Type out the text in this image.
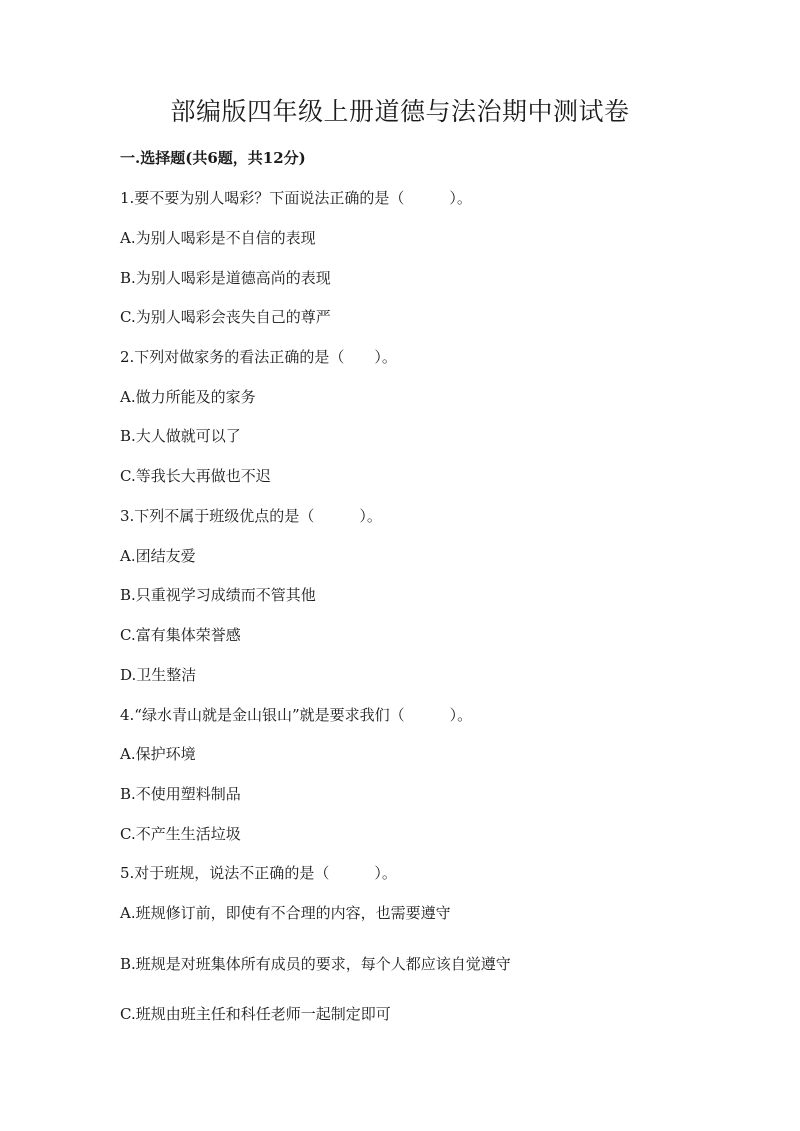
部编版四年级上册道德与法治期中测试卷
一.选择题(共6题，共12分)
1.要不要为别人喝彩？下面说法正确的是（　　　）。
A.为别人喝彩是不自信的表现
B.为别人喝彩是道德高尚的表现
C.为别人喝彩会丧失自己的尊严
2.下列对做家务的看法正确的是（　　）。
A.做力所能及的家务
B.大人做就可以了
C.等我长大再做也不迟
3.下列不属于班级优点的是（　　　）。
A.团结友爱
B.只重视学习成绩而不管其他
C.富有集体荣誉感
D.卫生整洁
4.“绿水青山就是金山银山”就是要求我们（　　　）。
A.保护环境
B.不使用塑料制品
C.不产生生活垃圾
5.对于班规，说法不正确的是（　　　）。
A.班规修订前，即使有不合理的内容，也需要遵守
B.班规是对班集体所有成员的要求，每个人都应该自觉遵守
C.班规由班主任和科任老师一起制定即可
